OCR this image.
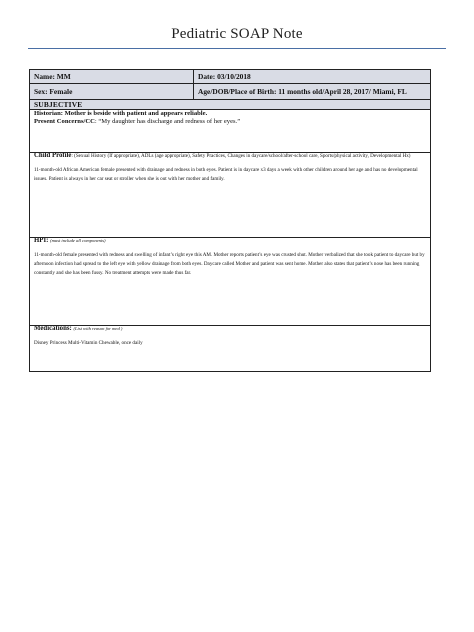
Pediatric SOAP Note
Name: MM	Date: 03/10/2018
Sex: Female	Age/DOB/Place of Birth: 11 months old/April 28, 2017/ Miami, FL
SUBJECTIVE	

Historian: Mother is beside with patient and appears reliable.
Present Concerns/CC: “My daughter has discharge and redness of her eyes.”	

Child Profile: (Sexual History (If appropriate), ADLs (age appropriate), Safety Practices, Changes in daycare/school/after-school care, Sports/physical activity, Developmental Hx)
11-month-old African American female presented with drainage and redness in both eyes. Patient is in daycare x3 days a week with other children around her age and has no developmental issues. Patient is always in her car seat or stroller when she is out with her mother and family.	

HPI: (must include all components)
11-month-old female presented with redness and swelling of infant’s right eye this AM. Mother reports patient’s eye was crusted shut. Mother verbalized that she took patient to daycare but by afternoon infection had spread to the left eye with yellow drainage from both eyes. Daycare called Mother and patient was sent home. Mother also states that patient’s nose has been running constantly and she has been fussy. No treatment attempts were made thus far.	

Medications: (List with reason for med )
Disney Princess Multi-Vitamin Chewable, once daily	
